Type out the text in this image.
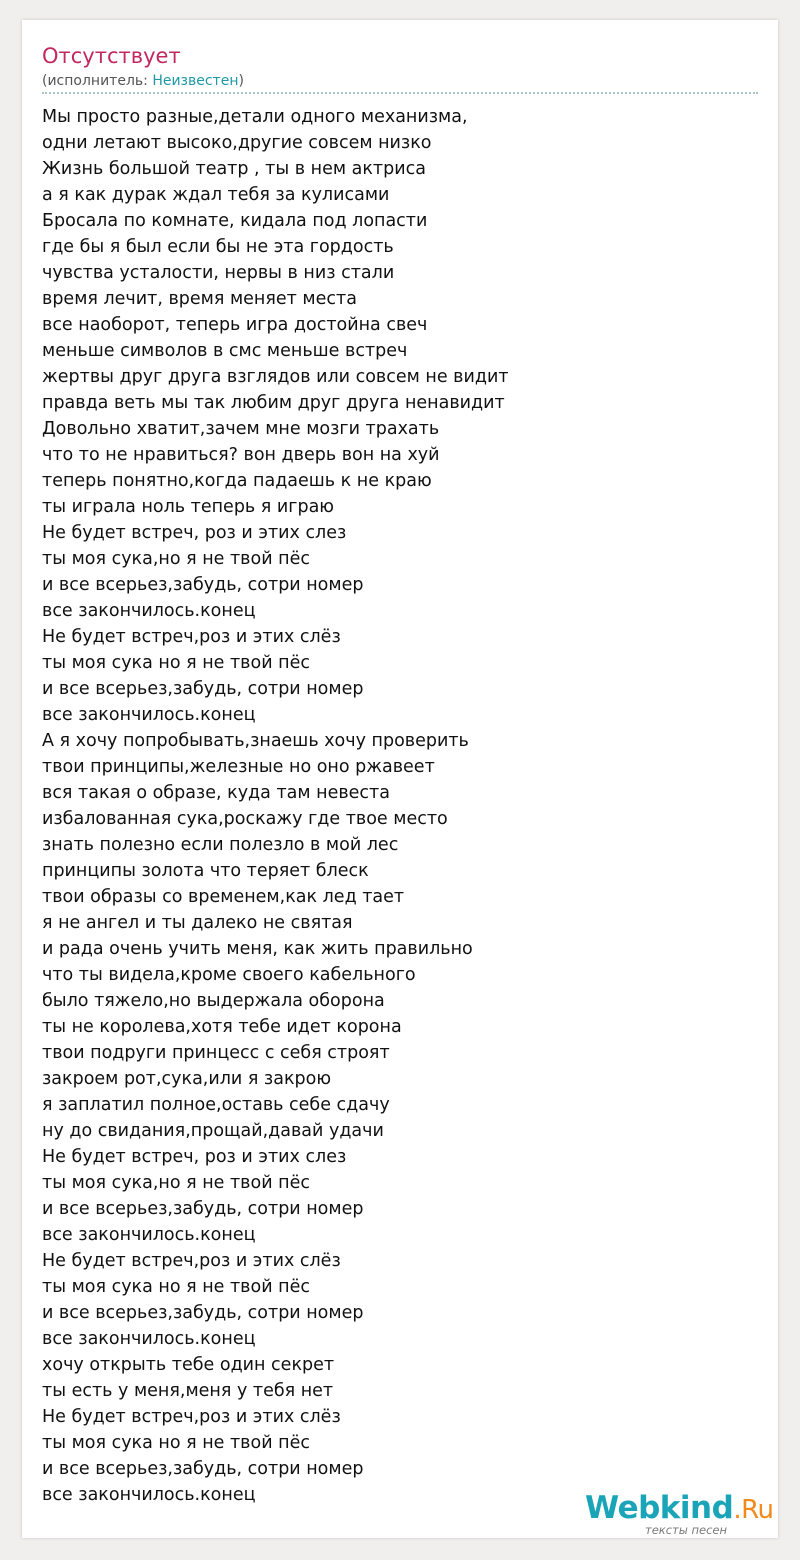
Отсутствует
(исполнитель: Неизвестен)
Мы просто разные,детали одного механизма,
одни летают высоко,другие совсем низко
Жизнь большой театр , ты в нем актриса
а я как дурак ждал тебя за кулисами
Бросала по комнате, кидала под лопасти
где бы я был если бы не эта гордость
чувства усталости, нервы в низ стали
время лечит, время меняет места
все наоборот, теперь игра достойна свеч
меньше символов в смс меньше встреч
жертвы друг друга взглядов или совсем не видит
правда веть мы так любим друг друга ненавидит
Довольно хватит,зачем мне мозги трахать
что то не нравиться? вон дверь вон на хуй
теперь понятно,когда падаешь к не краю
ты играла ноль теперь я играю
Не будет встреч, роз и этих слез
ты моя сука,но я не твой пёс
и все всерьез,забудь, сотри номер
все закончилось.конец
Не будет встреч,роз и этих слёз
ты моя сука но я не твой пёс
и все всерьез,забудь, сотри номер
все закончилось.конец
А я хочу попробывать,знаешь хочу проверить
твои принципы,железные но оно ржавеет
вся такая о образе, куда там невеста
избалованная сука,роскажу где твое место
знать полезно если полезло в мой лес
принципы золота что теряет блеск
твои образы со временем,как лед тает
я не ангел и ты далеко не святая
и рада очень учить меня, как жить правильно
что ты видела,кроме своего кабельного
было тяжело,но выдержала оборона
ты не королева,хотя тебе идет корона
твои подруги принцесс с себя строят
закроем рот,сука,или я закрою
я заплатил полное,оставь себе сдачу
ну до свидания,прощай,давай удачи
Не будет встреч, роз и этих слез
ты моя сука,но я не твой пёс
и все всерьез,забудь, сотри номер
все закончилось.конец
Не будет встреч,роз и этих слёз
ты моя сука но я не твой пёс
и все всерьез,забудь, сотри номер
все закончилось.конец
хочу открыть тебе один секрет
ты есть у меня,меня у тебя нет
Не будет встреч,роз и этих слёз
ты моя сука но я не твой пёс
и все всерьез,забудь, сотри номер
все закончилось.конец	Webkind.Ru
тексты песен
